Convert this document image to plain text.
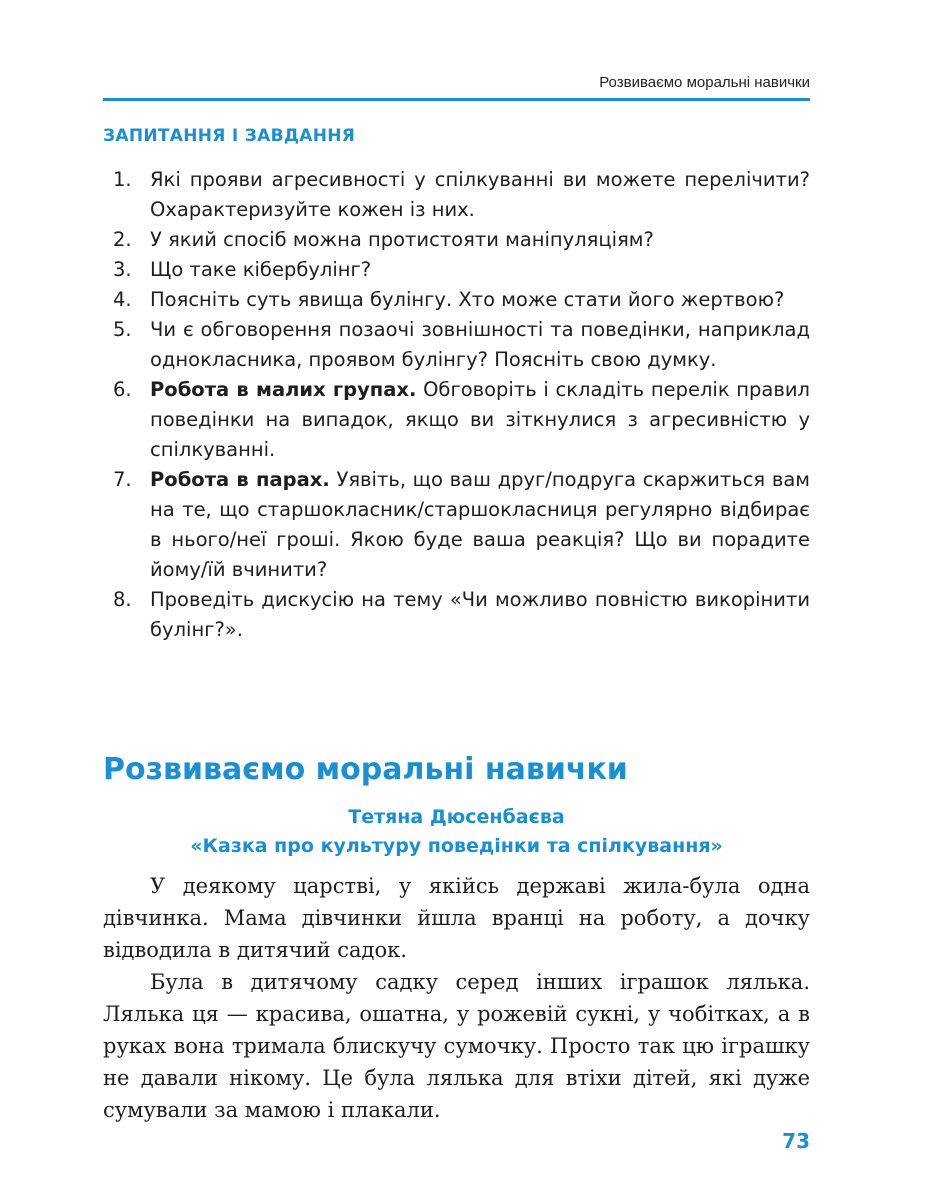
Розвиваємо моральні навички
ЗАПИТАННЯ І ЗАВДАННЯ
1. Які прояви агресивності у спілкуванні ви можете перелічити? Охарактеризуйте кожен із них.
2. У який спосіб можна протистояти маніпуляціям?
3. Що таке кібербулінг?
4. Поясніть суть явища булінгу. Хто може стати його жертвою?
5. Чи є обговорення позаочі зовнішності та поведінки, наприклад однокласника, проявом булінгу? Поясніть свою думку.
6. Робота в малих групах. Обговоріть і складіть перелік правил поведінки на випадок, якщо ви зіткнулися з агресивністю у спілкуванні.
7. Робота в парах. Уявіть, що ваш друг/подруга скаржиться вам на те, що старшокласник/старшокласниця регулярно відбирає в нього/неї гроші. Якою буде ваша реакція? Що ви порадите йому/їй вчинити?
8. Проведіть дискусію на тему «Чи можливо повністю викорінити булінг?».
Розвиваємо моральні навички
Тетяна Дюсенбаєва
«Казка про культуру поведінки та спілкування»

У деякому царстві, у якійсь державі жила-була одна дівчинка. Мама дівчинки йшла вранці на роботу, а дочку відводила в дитячий садок.

Була в дитячому садку серед інших іграшок лялька. Лялька ця — красива, ошатна, у рожевій сукні, у чобітках, а в руках вона тримала блискучу сумочку. Просто так цю іграшку не давали нікому. Це була лялька для втіхи дітей, які дуже сумували за мамою і плакали.

73
